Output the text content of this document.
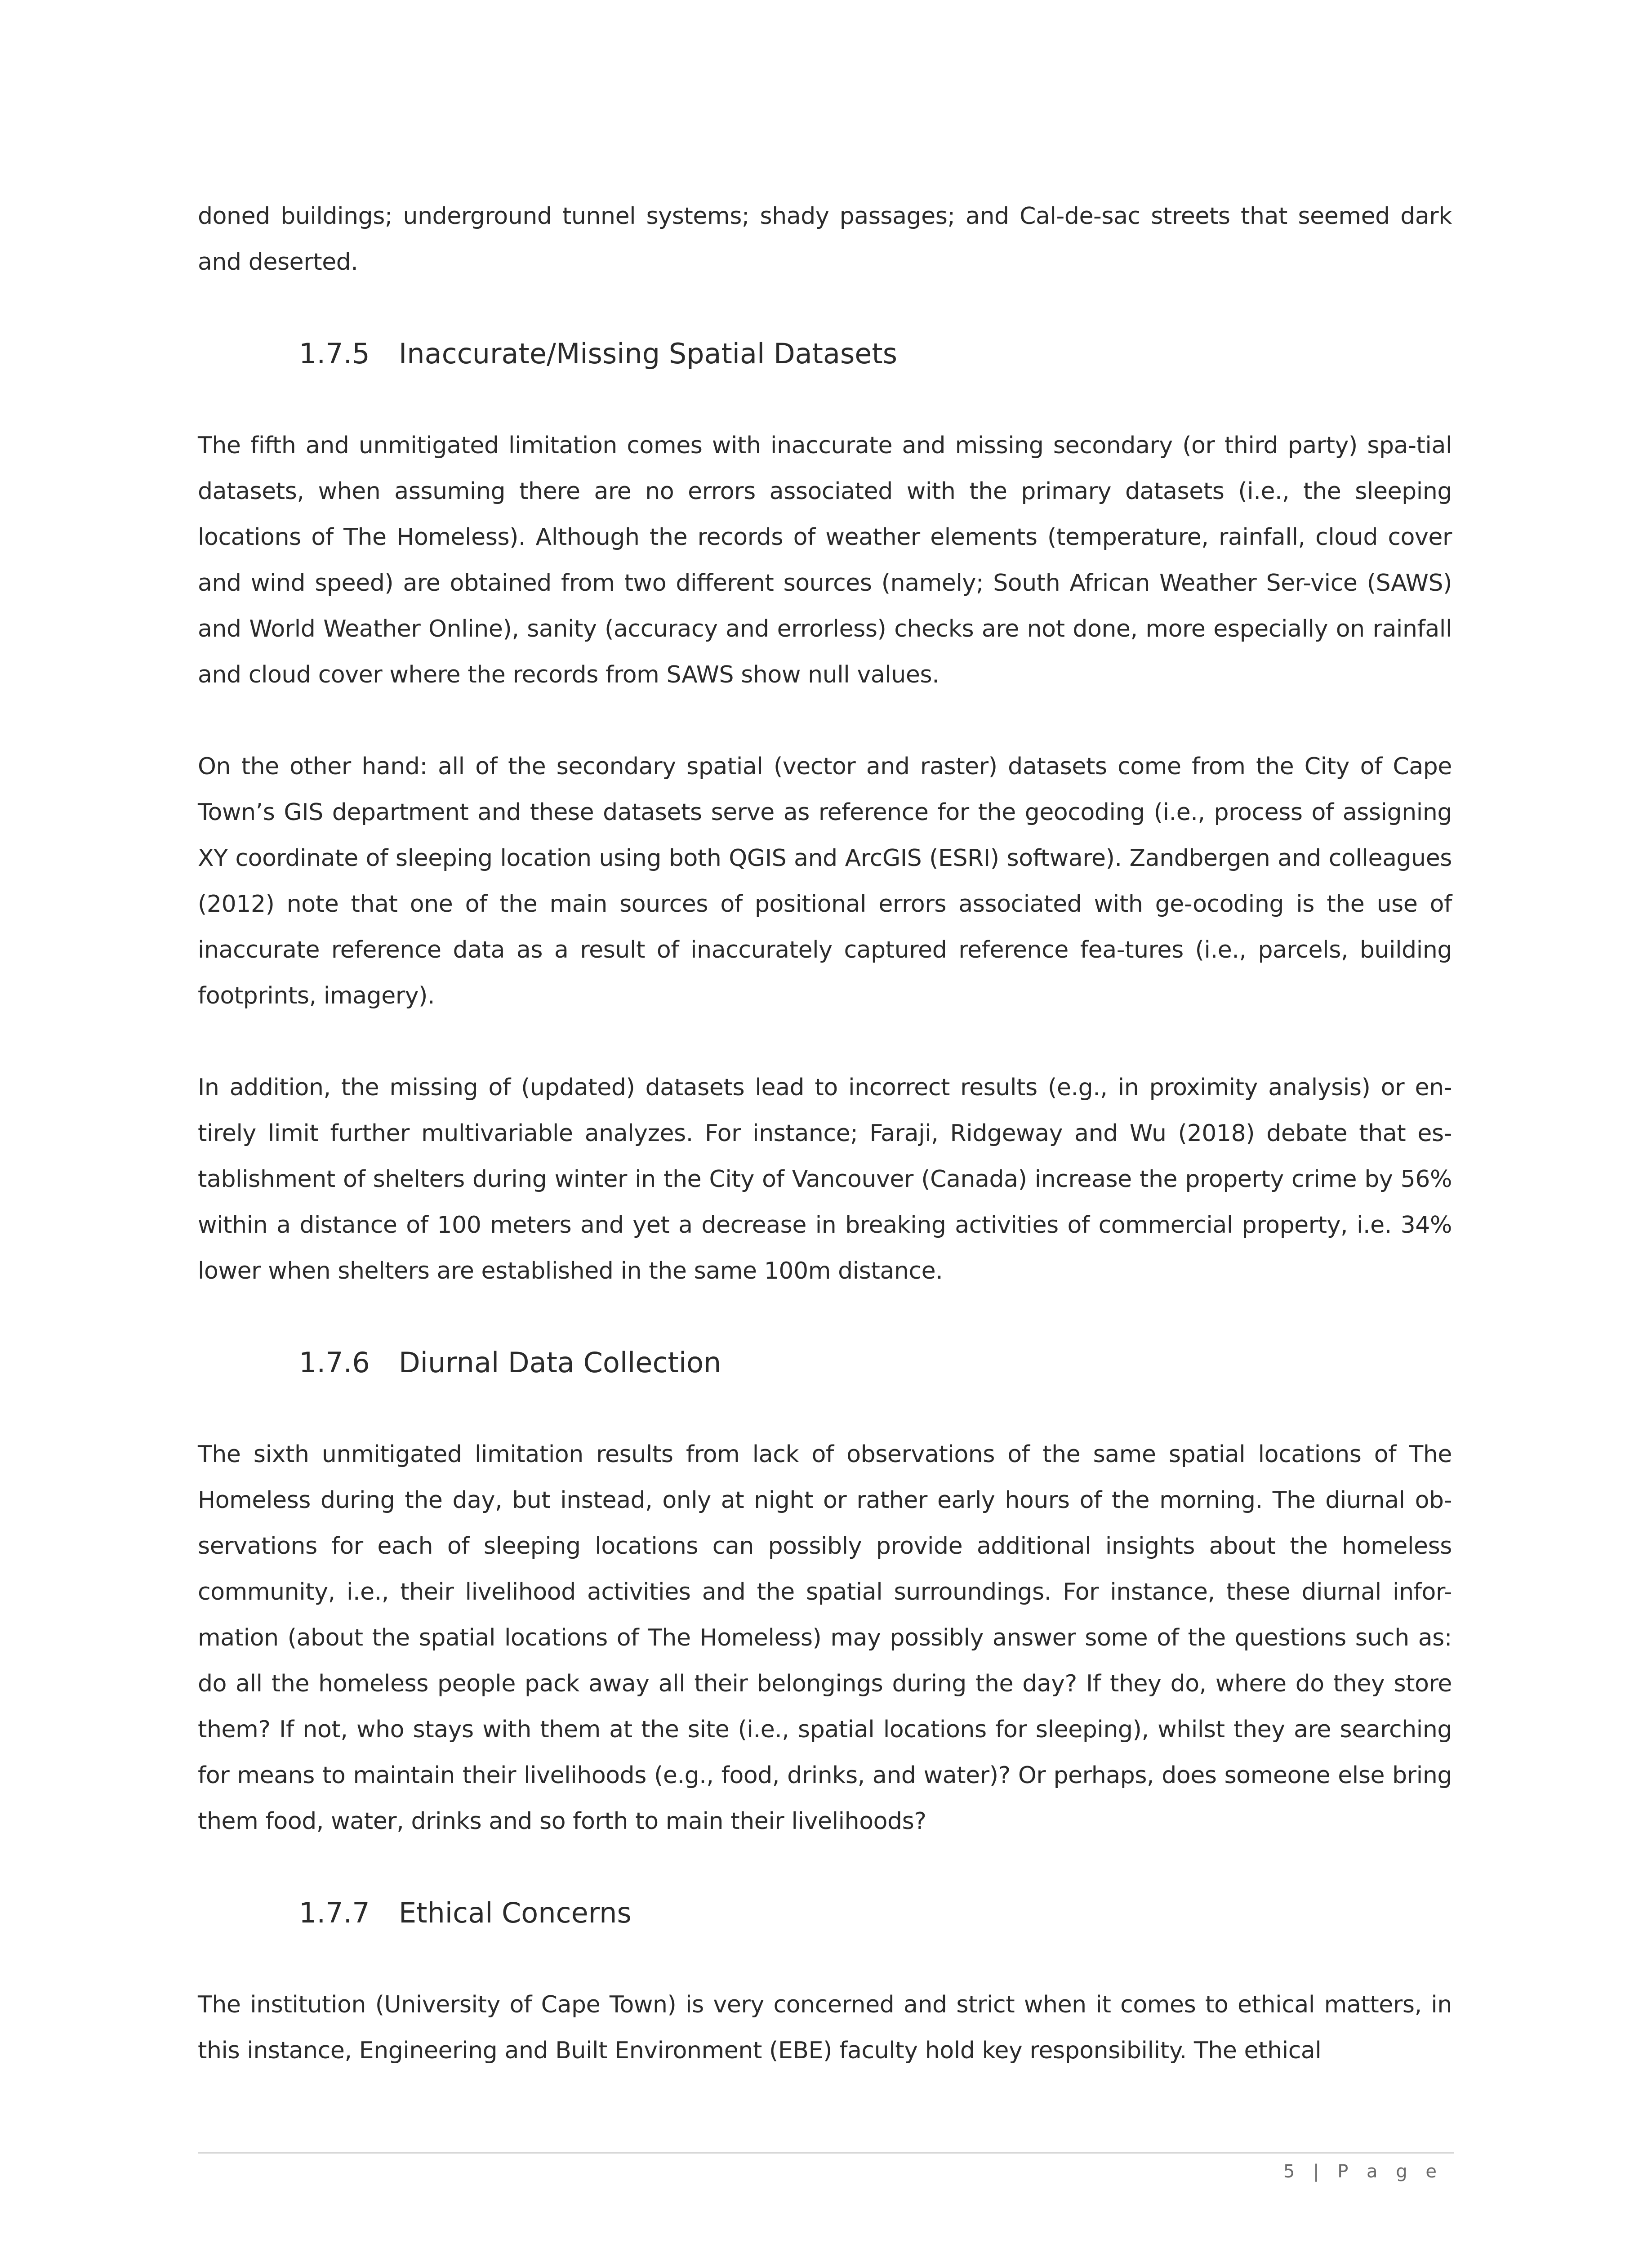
doned buildings; underground tunnel systems; shady passages; and Cal-de-sac streets that seemed dark and deserted.

1.7.5 Inaccurate/Missing Spatial Datasets

The fifth and unmitigated limitation comes with inaccurate and missing secondary (or third party) spa-tial datasets, when assuming there are no errors associated with the primary datasets (i.e., the sleeping locations of The Homeless). Although the records of weather elements (temperature, rainfall, cloud cover and wind speed) are obtained from two different sources (namely; South African Weather Ser-vice (SAWS) and World Weather Online), sanity (accuracy and errorless) checks are not done, more especially on rainfall and cloud cover where the records from SAWS show null values.

On the other hand: all of the secondary spatial (vector and raster) datasets come from the City of Cape Town’s GIS department and these datasets serve as reference for the geocoding (i.e., process of assigning XY coordinate of sleeping location using both QGIS and ArcGIS (ESRI) software). Zandbergen and colleagues (2012) note that one of the main sources of positional errors associated with ge-ocoding is the use of inaccurate reference data as a result of inaccurately captured reference fea-tures (i.e., parcels, building footprints, imagery).

In addition, the missing of (updated) datasets lead to incorrect results (e.g., in proximity analysis) or en-tirely limit further multivariable analyzes. For instance; Faraji, Ridgeway and Wu (2018) debate that es-tablishment of shelters during winter in the City of Vancouver (Canada) increase the property crime by 56% within a distance of 100 meters and yet a decrease in breaking activities of commercial property, i.e. 34% lower when shelters are established in the same 100m distance.

1.7.6 Diurnal Data Collection

The sixth unmitigated limitation results from lack of observations of the same spatial locations of The Homeless during the day, but instead, only at night or rather early hours of the morning. The diurnal ob-servations for each of sleeping locations can possibly provide additional insights about the homeless community, i.e., their livelihood activities and the spatial surroundings. For instance, these diurnal infor-mation (about the spatial locations of The Homeless) may possibly answer some of the questions such as: do all the homeless people pack away all their belongings during the day? If they do, where do they store them? If not, who stays with them at the site (i.e., spatial locations for sleeping), whilst they are searching for means to maintain their livelihoods (e.g., food, drinks, and water)? Or perhaps, does someone else bring them food, water, drinks and so forth to main their livelihoods?

1.7.7 Ethical Concerns

The institution (University of Cape Town) is very concerned and strict when it comes to ethical matters, in this instance, Engineering and Built Environment (EBE) faculty hold key responsibility. The ethical

5 | P a g e
